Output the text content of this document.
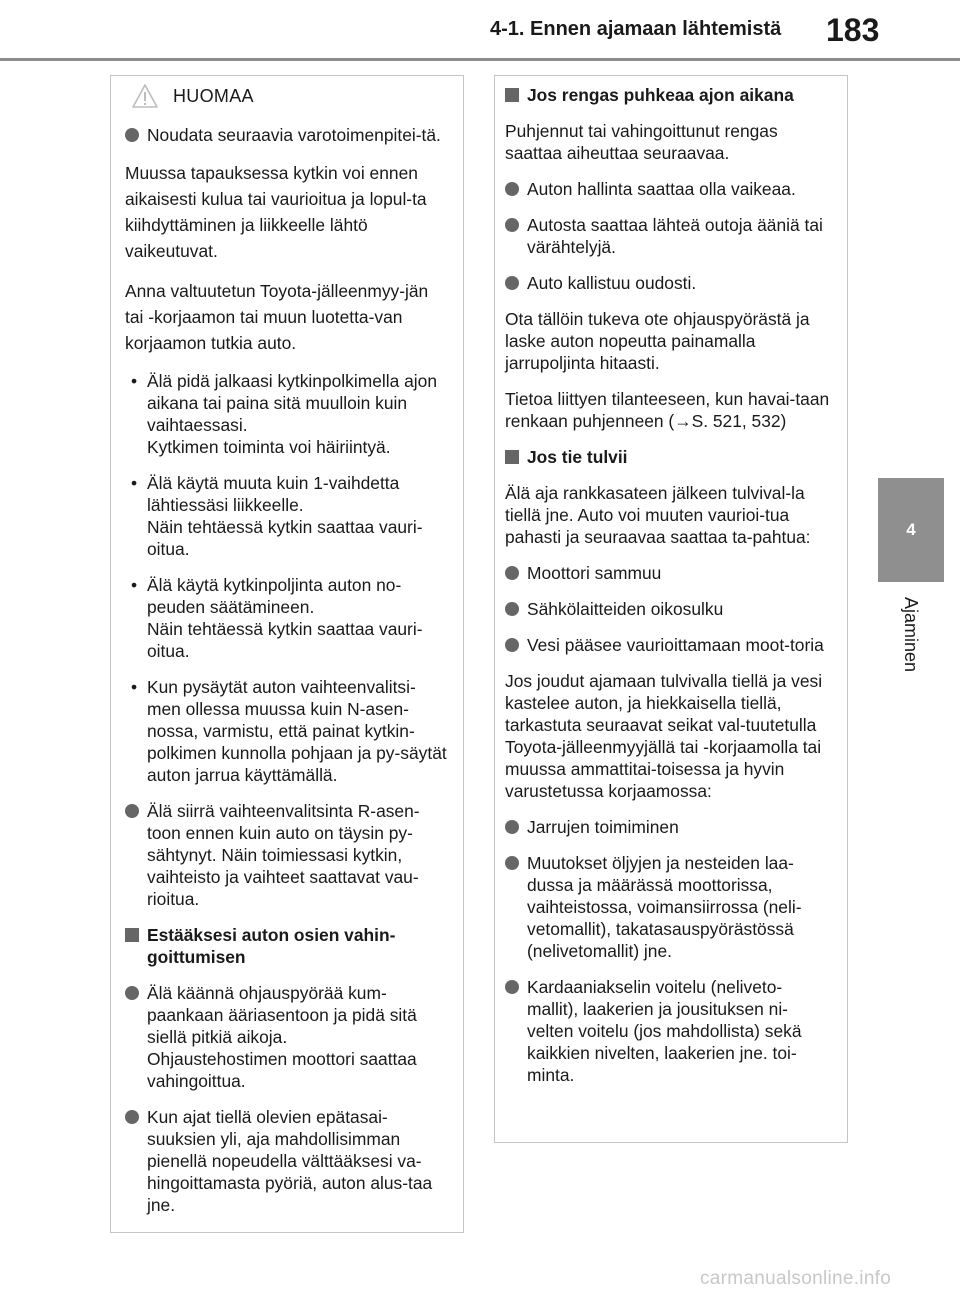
4-1. Ennen ajamaan lähtemistä 183
4
Ajaminen
HUOMAA
Noudata seuraavia varotoimenpitei-tä.

Muussa tapauksessa kytkin voi ennen aikaisesti kulua tai vaurioitua ja lopul-ta kiihdyttäminen ja liikkeelle lähtö vaikeutuvat.

Anna valtuutetun Toyota-jälleenmyy-jän tai -korjaamon tai muun luotetta-van korjaamon tutkia auto.

• Älä pidä jalkaasi kytkinpolkimella ajon aikana tai paina sitä muulloin kuin vaihtaessasi.
Kytkimen toiminta voi häiriintyä.
• Älä käytä muuta kuin 1-vaihdetta lähtiessäsi liikkeelle.
Näin tehtäessä kytkin saattaa vauri-oitua.
• Älä käytä kytkinpoljinta auton no-peuden säätämineen.
Näin tehtäessä kytkin saattaa vauri-oitua.
• Kun pysäytät auton vaihteenvalitsi-men ollessa muussa kuin N-asen-nossa, varmistu, että painat kytkin-polkimen kunnolla pohjaan ja py-säytät auton jarrua käyttämällä.
Älä siirrä vaihteenvalitsinta R-asen-toon ennen kuin auto on täysin py-sähtynyt. Näin toimiessasi kytkin, vaihteisto ja vaihteet saattavat vau-rioitua.
Estääksesi auton osien vahin-goittumisen
Älä käännä ohjauspyörää kum-paankaan ääriasentoon ja pidä sitä siellä pitkiä aikoja.
Ohjaustehostimen moottori saattaa vahingoittua.
Kun ajat tiellä olevien epätasai-suuksien yli, aja mahdollisimman pienellä nopeudella välttääksesi va-hingoittamasta pyöriä, auton alus-taa jne.
Jos rengas puhkeaa ajon aikana

Puhjennut tai vahingoittunut rengas saattaa aiheuttaa seuraavaa.

Auton hallinta saattaa olla vaikeaa.
Autosta saattaa lähteä outoja ääniä tai värähtelyjä.
Auto kallistuu oudosti.

Ota tällöin tukeva ote ohjauspyörästä ja laske auton nopeutta painamalla jarrupoljinta hitaasti.

Tietoa liittyen tilanteeseen, kun havai-taan renkaan puhjenneen (→S. 521, 532)

Jos tie tulvii

Älä aja rankkasateen jälkeen tulvival-la tiellä jne. Auto voi muuten vaurioi-tua pahasti ja seuraavaa saattaa ta-pahtua:

Moottori sammuu
Sähkölaitteiden oikosulku
Vesi pääsee vaurioittamaan moot-toria

Jos joudut ajamaan tulvivalla tiellä ja vesi kastelee auton, ja hiekkaisella tiellä, tarkastuta seuraavat seikat val-tuutetulla Toyota-jälleenmyyjällä tai -korjaamolla tai muussa ammattitai-toisessa ja hyvin varustetussa korjaamossa:

Jarrujen toimiminen
Muutokset öljyjen ja nesteiden laa-dussa ja määrässä moottorissa, vaihteistossa, voimansiirrossa (neli-vetomallit), takatasauspyörästössä (nelivetomallit) jne.
Kardaaniakselin voitelu (neliveto-mallit), laakerien ja jousituksen ni-velten voitelu (jos mahdollista) sekä kaikkien nivelten, laakerien jne. toi-minta.
carmanualsonline.info
